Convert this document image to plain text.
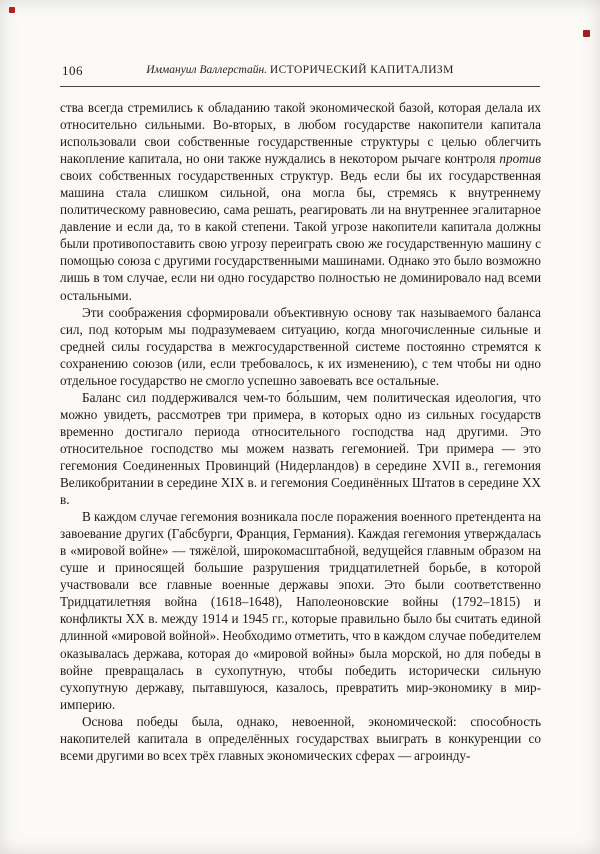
106	Иммануил Валлерстайн. ИСТОРИЧЕСКИЙ КАПИТАЛИЗМ

ства всегда стремились к обладанию такой экономической базой, которая делала их относительно сильными. Во-вторых, в любом государстве накопители капитала использовали свои собственные государственные структуры с целью облегчить накопление капитала, но они также нуждались в некотором рычаге контроля против своих собственных государственных структур. Ведь если бы их государственная машина стала слишком сильной, она могла бы, стремясь к внутреннему политическому равновесию, сама решать, реагировать ли на внутреннее эгалитарное давление и если да, то в какой степени. Такой угрозе накопители капитала должны были противопоставить свою угрозу переиграть свою же государственную машину с помощью союза с другими государственными машинами. Однако это было возможно лишь в том случае, если ни одно государство полностью не доминировало над всеми остальными.

Эти соображения сформировали объективную основу так называемого баланса сил, под которым мы подразумеваем ситуацию, когда многочисленные сильные и средней силы государства в межгосударственной системе постоянно стремятся к сохранению союзов (или, если требовалось, к их изменению), с тем чтобы ни одно отдельное государство не смогло успешно завоевать все остальные.

Баланс сил поддерживался чем-то бо́льшим, чем политическая идеология, что можно увидеть, рассмотрев три примера, в которых одно из сильных государств временно достигало периода относительного господства над другими. Это относительное господство мы можем назвать гегемонией. Три примера — это гегемония Соединенных Провинций (Нидерландов) в середине XVII в., гегемония Великобритании в середине XIX в. и гегемония Соединённых Штатов в середине XX в.

В каждом случае гегемония возникала после поражения военного претендента на завоевание других (Габсбурги, Франция, Германия). Каждая гегемония утверждалась в «мировой войне» — тяжёлой, широкомасштабной, ведущейся главным образом на суше и приносящей большие разрушения тридцатилетней борьбе, в которой участвовали все главные военные державы эпохи. Это были соответственно Тридцатилетняя война (1618–1648), Наполеоновские войны (1792–1815) и конфликты XX в. между 1914 и 1945 гг., которые правильно было бы считать единой длинной «мировой войной». Необходимо отметить, что в каждом случае победителем оказывалась держава, которая до «мировой войны» была морской, но для победы в войне превращалась в сухопутную, чтобы победить исторически сильную сухопутную державу, пытавшуюся, казалось, превратить мир-экономику в мир-империю.

Основа победы была, однако, невоенной, экономической: способность накопителей капитала в определённых государствах выиграть в конкуренции со всеми другими во всех трёх главных экономических сферах — агроинду-
